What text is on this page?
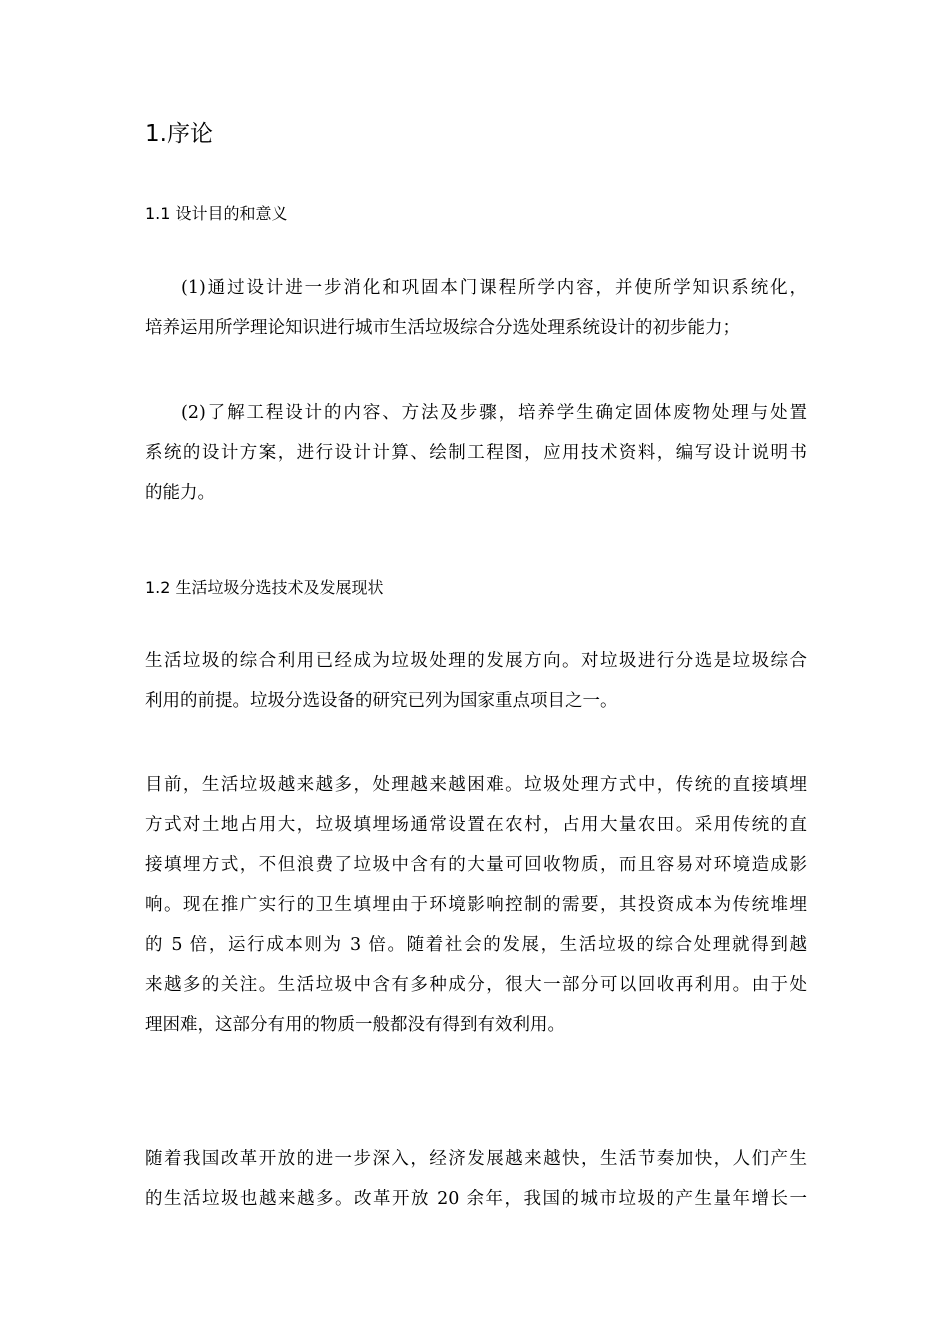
1.序论
1.1 设计目的和意义
(1)通过设计进一步消化和巩固本门课程所学内容，并使所学知识系统化，
培养运用所学理论知识进行城市生活垃圾综合分选处理系统设计的初步能力；
(2)了解工程设计的内容、方法及步骤，培养学生确定固体废物处理与处置
系统的设计方案，进行设计计算、绘制工程图，应用技术资料，编写设计说明书
的能力。
1.2 生活垃圾分选技术及发展现状
生活垃圾的综合利用已经成为垃圾处理的发展方向。对垃圾进行分选是垃圾综合
利用的前提。垃圾分选设备的研究已列为国家重点项目之一。
目前，生活垃圾越来越多，处理越来越困难。垃圾处理方式中，传统的直接填埋
方式对土地占用大，垃圾填埋场通常设置在农村，占用大量农田。采用传统的直
接填埋方式，不但浪费了垃圾中含有的大量可回收物质，而且容易对环境造成影
响。现在推广实行的卫生填埋由于环境影响控制的需要，其投资成本为传统堆埋
的 5 倍，运行成本则为 3 倍。随着社会的发展，生活垃圾的综合处理就得到越
来越多的关注。生活垃圾中含有多种成分，很大一部分可以回收再利用。由于处
理困难，这部分有用的物质一般都没有得到有效利用。
随着我国改革开放的进一步深入，经济发展越来越快，生活节奏加快，人们产生
的生活垃圾也越来越多。改革开放 20 余年，我国的城市垃圾的产生量年增长一
